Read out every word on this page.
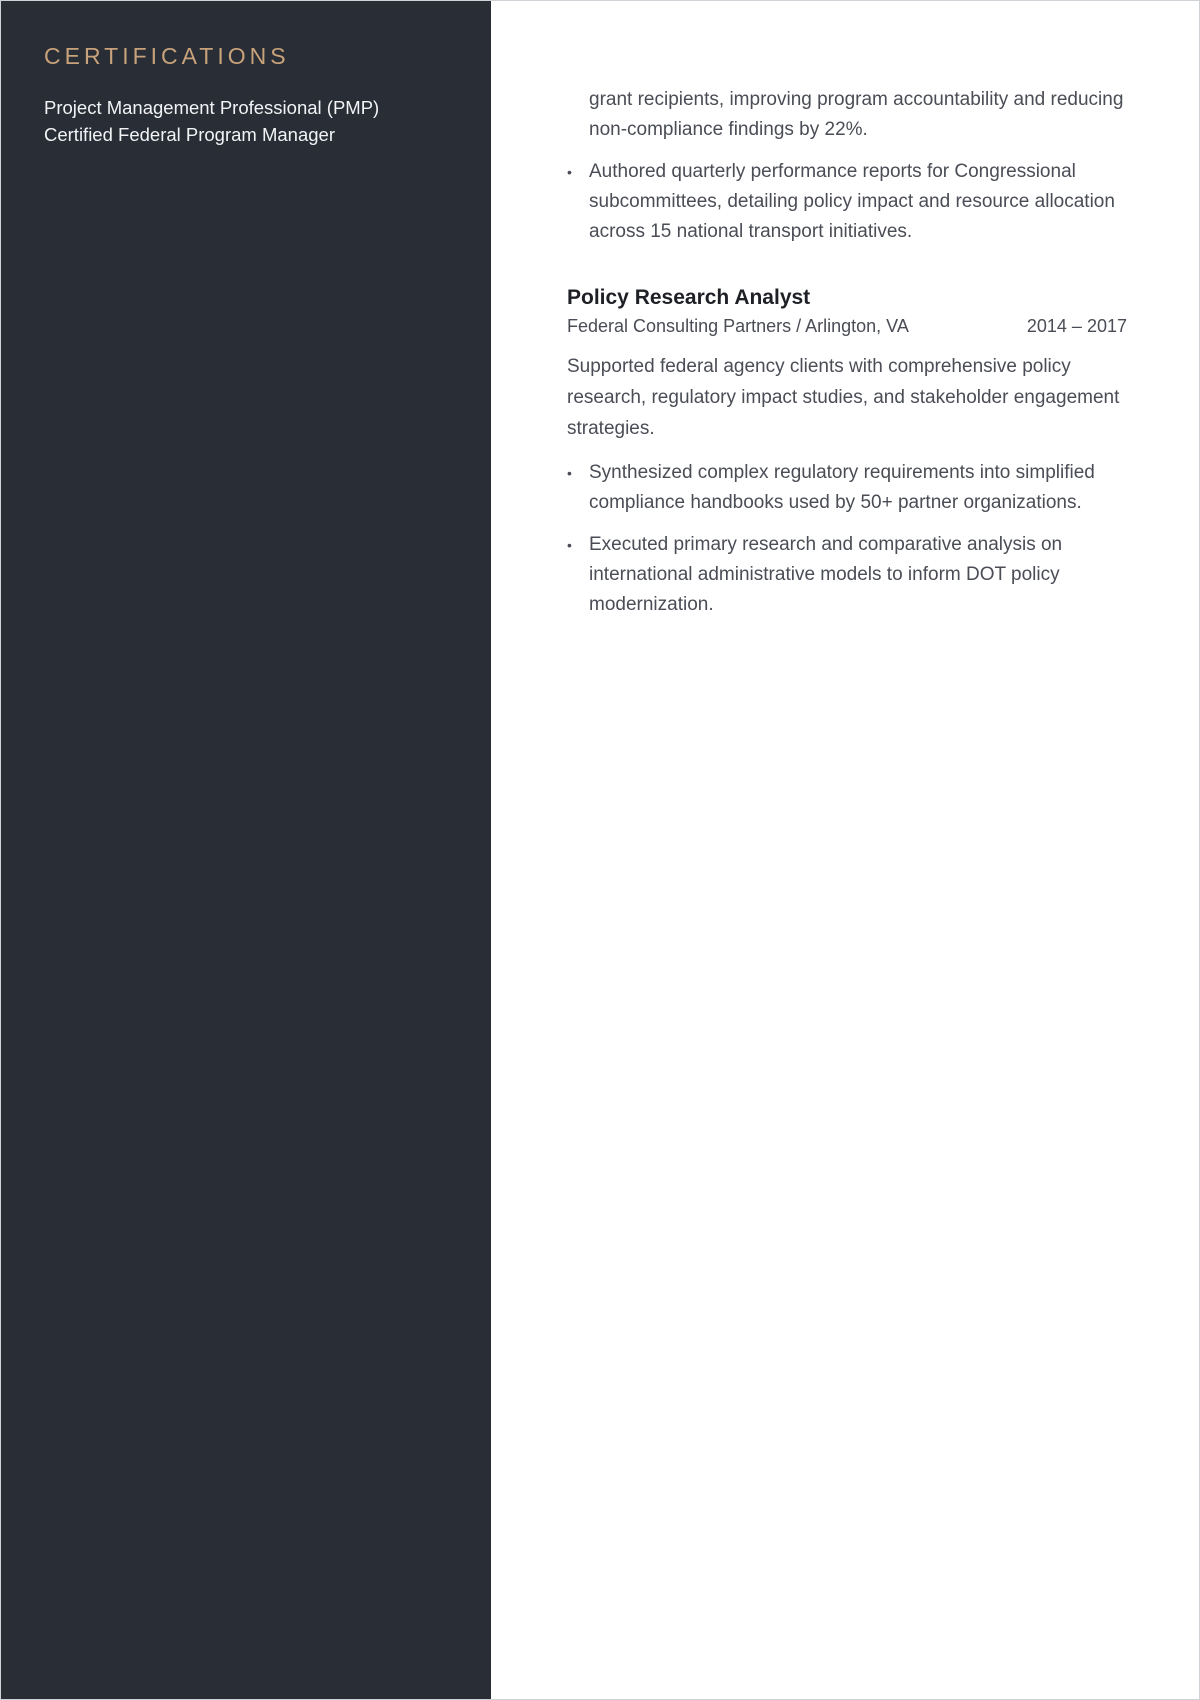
CERTIFICATIONS
Project Management Professional (PMP)
Certified Federal Program Manager
grant recipients, improving program accountability and reducing non-compliance findings by 22%.
• Authored quarterly performance reports for Congressional subcommittees, detailing policy impact and resource allocation across 15 national transport initiatives.
Policy Research Analyst
Federal Consulting Partners / Arlington, VA	2014 – 2017

Supported federal agency clients with comprehensive policy research, regulatory impact studies, and stakeholder engagement strategies.

• Synthesized complex regulatory requirements into simplified compliance handbooks used by 50+ partner organizations.
• Executed primary research and comparative analysis on international administrative models to inform DOT policy modernization.
